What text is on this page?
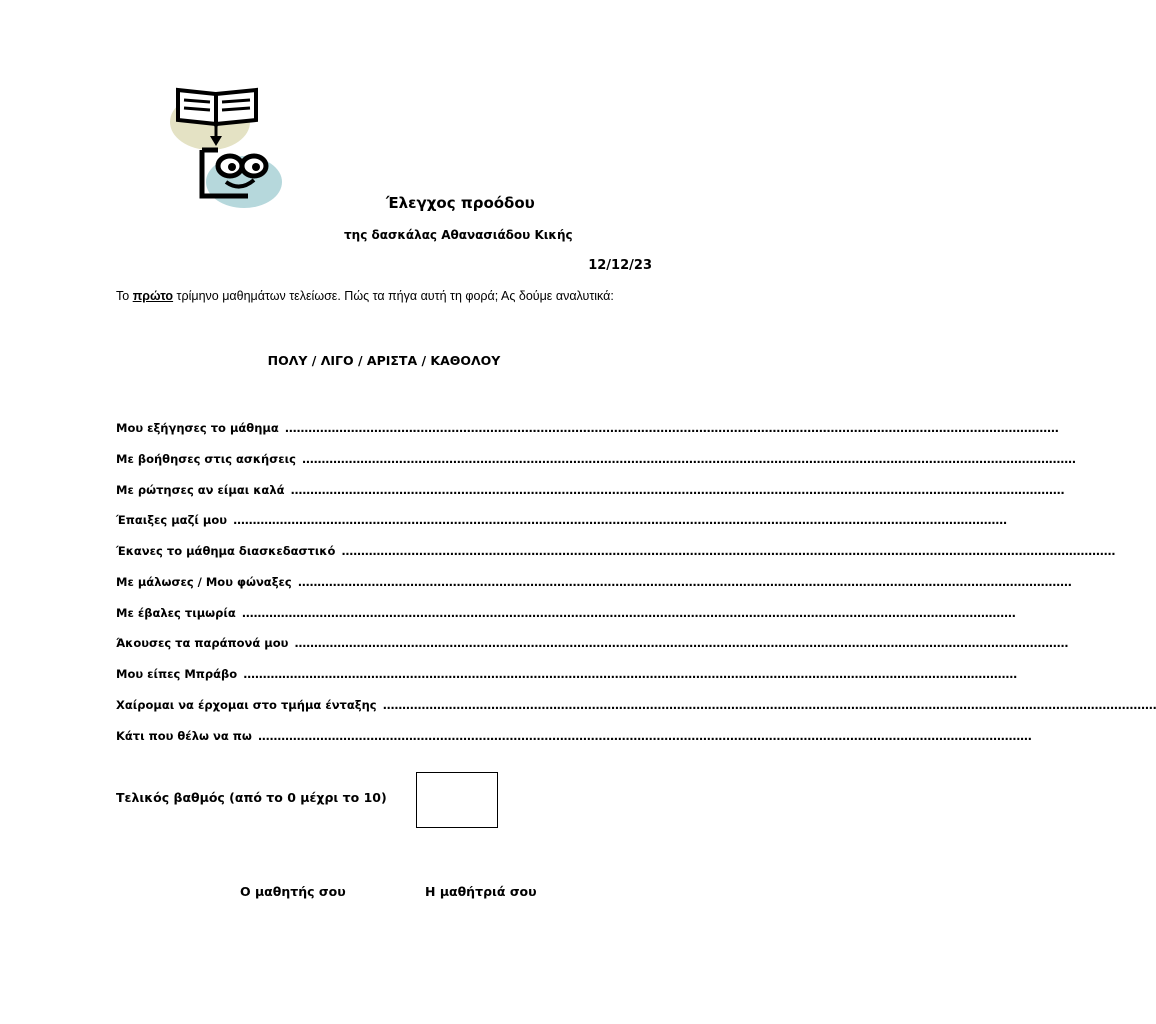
Έλεγχος προόδου
της δασκάλας Αθανασιάδου Κικής
12/12/23
Το πρώτο τρίμηνο μαθημάτων τελείωσε. Πώς τα πήγα αυτή τη φορά; Ας δούμε αναλυτικά:
ΠΟΛΥ / ΛΙΓΟ / ΑΡΙΣΤΑ / ΚΑΘΟΛΟΥ
Μου εξήγησες το μάθημα ........................................................................................................................................................................................................
Με βοήθησες στις ασκήσεις ........................................................................................................................................................................................................
Με ρώτησες αν είμαι καλά ........................................................................................................................................................................................................
Έπαιξες μαζί μου ........................................................................................................................................................................................................
Έκανες το μάθημα διασκεδαστικό ........................................................................................................................................................................................................
Με μάλωσες / Μου φώναξες ........................................................................................................................................................................................................
Με έβαλες τιμωρία ........................................................................................................................................................................................................
Άκουσες τα παράπονά μου ........................................................................................................................................................................................................
Μου είπες Μπράβο ........................................................................................................................................................................................................
Χαίρομαι να έρχομαι στο τμήμα ένταξης ........................................................................................................................................................................................................
Κάτι που θέλω να πω ........................................................................................................................................................................................................
Τελικός βαθμός (από το 0 μέχρι το 10)
Ο μαθητής σου	Η μαθήτριά σου
